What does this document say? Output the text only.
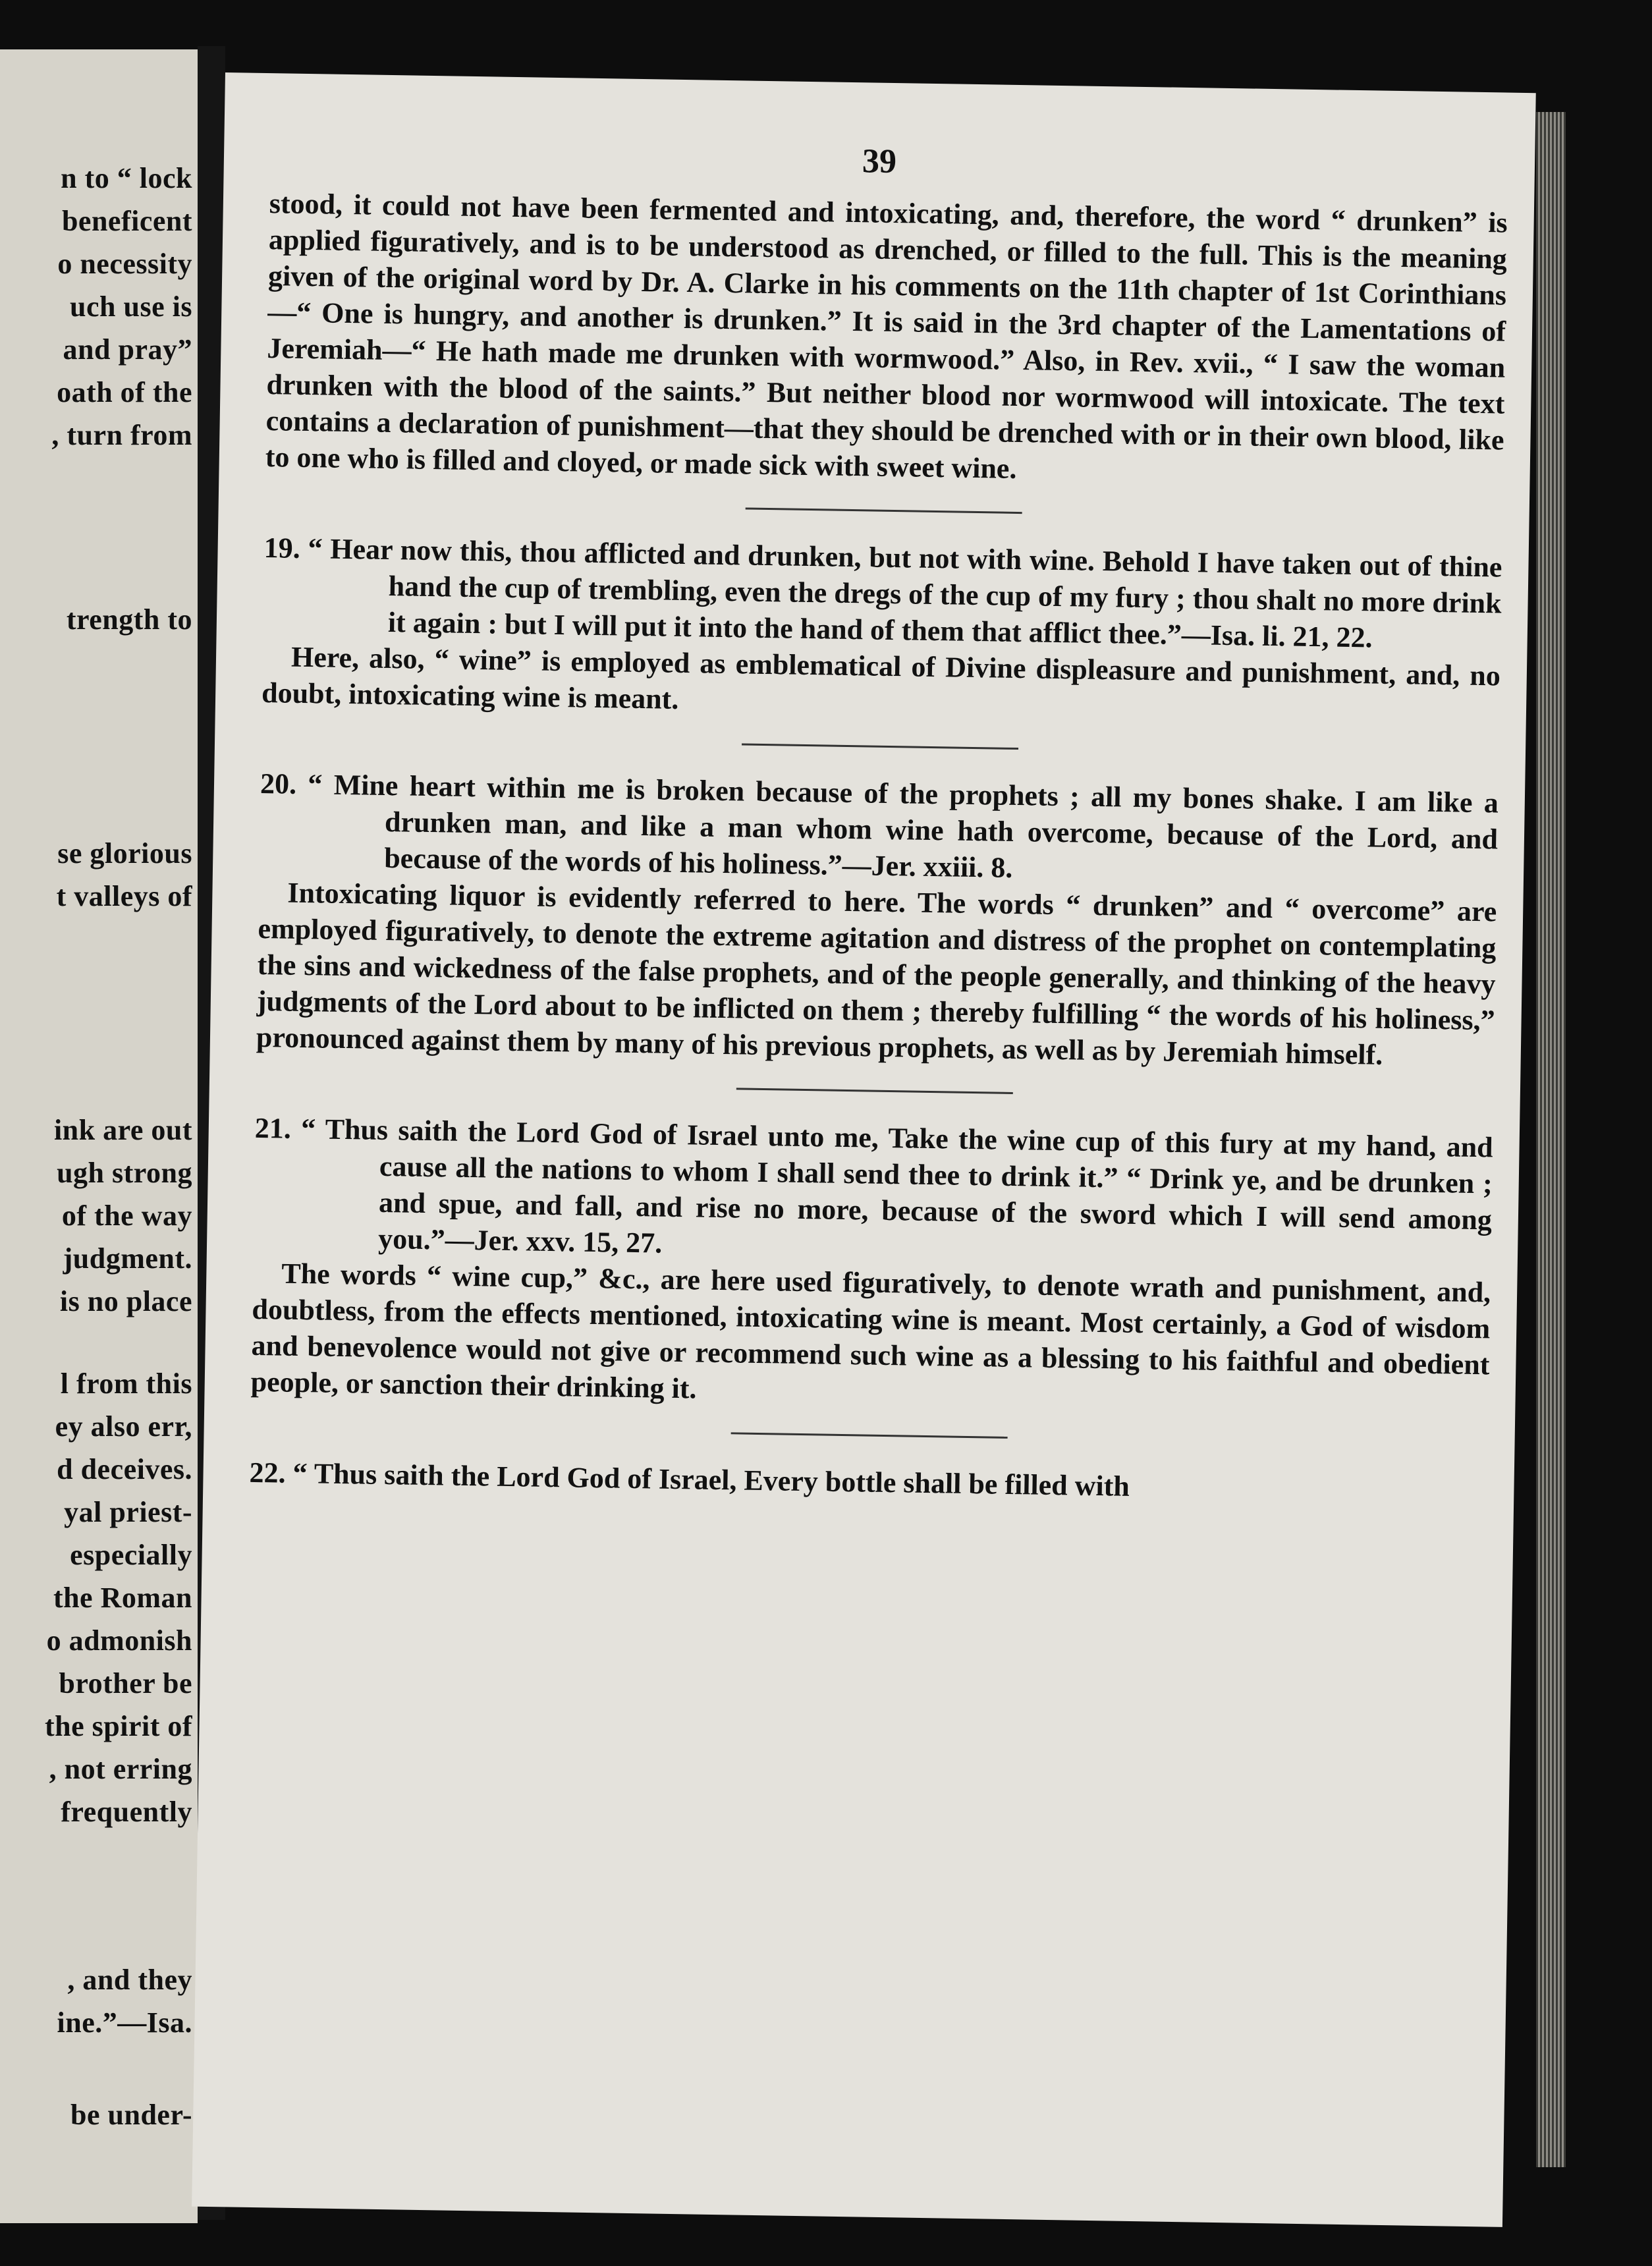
n to “ lock
beneficent
o necessity
uch use is
and pray”
oath of the
, turn from
trength to
se glorious
t valleys of
ink are out
ugh strong
of the way
judgment.
is no place
l from this
ey also err,
d deceives.
yal priest-
especially
the Roman
o admonish
brother be
the spirit of
, not erring
frequently
, and they
ine.”—Isa.
be under-
39

stood, it could not have been fermented and intoxicating, and, therefore, the word “ drunken” is applied figuratively, and is to be understood as drenched, or filled to the full. This is the meaning given of the original word by Dr. A. Clarke in his comments on the 11th chapter of 1st Corinthians—“ One is hungry, and another is drunken.” It is said in the 3rd chapter of the Lamentations of Jeremiah—“ He hath made me drunken with wormwood.” Also, in Rev. xvii., “ I saw the woman drunken with the blood of the saints.” But neither blood nor wormwood will intoxicate. The text contains a declaration of punishment—that they should be drenched with or in their own blood, like to one who is filled and cloyed, or made sick with sweet wine.

19. “ Hear now this, thou afflicted and drunken, but not with wine. Behold I have taken out of thine hand the cup of trembling, even the dregs of the cup of my fury ; thou shalt no more drink it again : but I will put it into the hand of them that afflict thee.”—Isa. li. 21, 22.

Here, also, “ wine” is employed as emblematical of Divine displeasure and punishment, and, no doubt, intoxicating wine is meant.

20. “ Mine heart within me is broken because of the prophets ; all my bones shake. I am like a drunken man, and like a man whom wine hath overcome, because of the Lord, and because of the words of his holiness.”—Jer. xxiii. 8.

Intoxicating liquor is evidently referred to here. The words “ drunken” and “ overcome” are employed figuratively, to denote the extreme agitation and distress of the prophet on contemplating the sins and wickedness of the false prophets, and of the people generally, and thinking of the heavy judgments of the Lord about to be inflicted on them ; thereby fulfilling “ the words of his holiness,” pronounced against them by many of his previous prophets, as well as by Jeremiah himself.

21. “ Thus saith the Lord God of Israel unto me, Take the wine cup of this fury at my hand, and cause all the nations to whom I shall send thee to drink it.” “ Drink ye, and be drunken ; and spue, and fall, and rise no more, because of the sword which I will send among you.”—Jer. xxv. 15, 27.

The words “ wine cup,” &c., are here used figuratively, to denote wrath and punishment, and, doubtless, from the effects mentioned, intoxicating wine is meant. Most certainly, a God of wisdom and benevolence would not give or recommend such wine as a blessing to his faithful and obedient people, or sanction their drinking it.

22. “ Thus saith the Lord God of Israel, Every bottle shall be filled with
